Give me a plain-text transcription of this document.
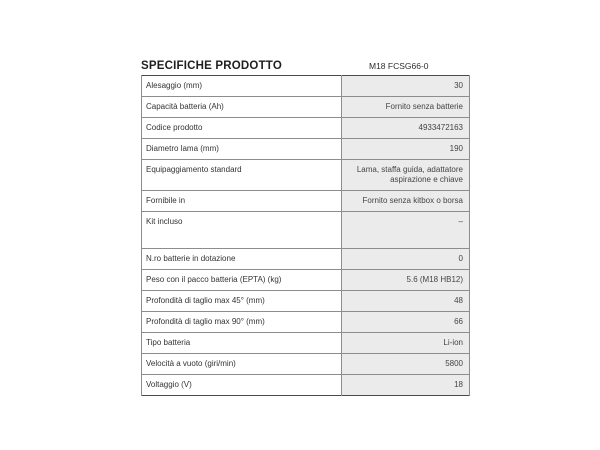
SPECIFICHE PRODOTTO	M18 FCSG66-0
Alesaggio (mm)	30
Capacità batteria (Ah)	Fornito senza batterie
Codice prodotto	4933472163
Diametro lama (mm)	190
Equipaggiamento standard	Lama, staffa guida, adattatore
aspirazione e chiave

Fornibile in	Fornito senza kitbox o borsa
Kit incluso	–
N.ro batterie in dotazione	0
Peso con il pacco batteria (EPTA) (kg)	5.6 (M18 HB12)
Profondità di taglio max 45° (mm)	48
Profondità di taglio max 90° (mm)	66
Tipo batteria	Li-ion
Velocità a vuoto (giri/min)	5800
Voltaggio (V)	18
